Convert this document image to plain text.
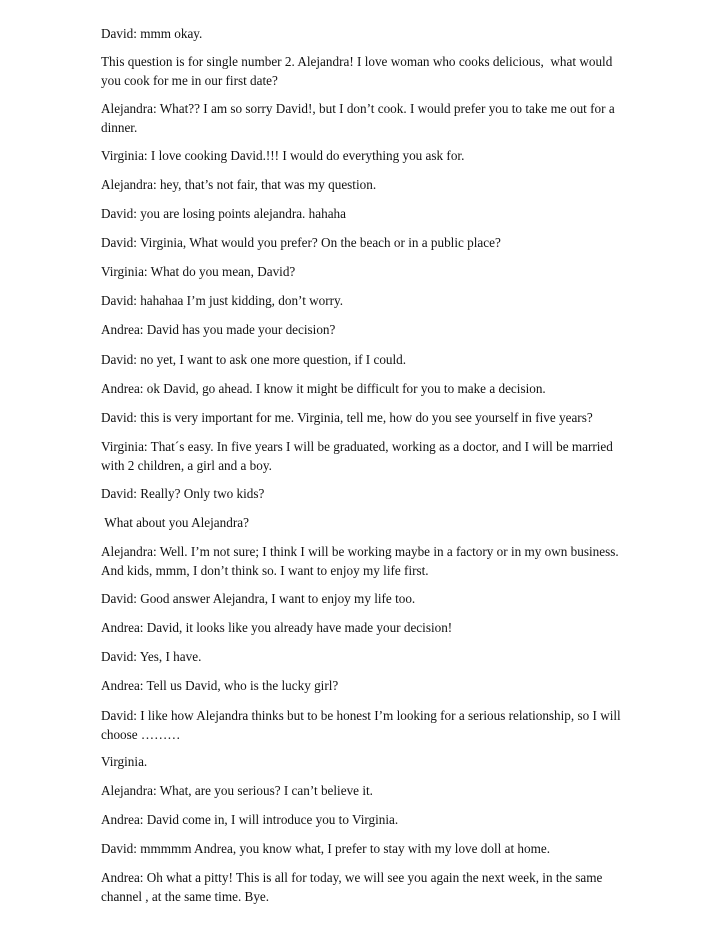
David: mmm okay.

This question is for single number 2. Alejandra! I love woman who cooks delicious,  what would
you cook for me in our first date?

Alejandra: What?? I am so sorry David!, but I don’t cook. I would prefer you to take me out for a
dinner.

Virginia: I love cooking David.!!! I would do everything you ask for.

Alejandra: hey, that’s not fair, that was my question.

David: you are losing points alejandra. hahaha

David: Virginia, What would you prefer? On the beach or in a public place?

Virginia: What do you mean, David?

David: hahahaa I’m just kidding, don’t worry.

Andrea: David has you made your decision?

David: no yet, I want to ask one more question, if I could.

Andrea: ok David, go ahead. I know it might be difficult for you to make a decision.

David: this is very important for me. Virginia, tell me, how do you see yourself in five years?

Virginia: That´s easy. In five years I will be graduated, working as a doctor, and I will be married
with 2 children, a girl and a boy.

David: Really? Only two kids?

What about you Alejandra?

Alejandra: Well. I’m not sure; I think I will be working maybe in a factory or in my own business.
And kids, mmm, I don’t think so. I want to enjoy my life first.

David: Good answer Alejandra, I want to enjoy my life too.

Andrea: David, it looks like you already have made your decision!

David: Yes, I have.

Andrea: Tell us David, who is the lucky girl?

David: I like how Alejandra thinks but to be honest I’m looking for a serious relationship, so I will
choose ………

Virginia.

Alejandra: What, are you serious? I can’t believe it.

Andrea: David come in, I will introduce you to Virginia.

David: mmmmm Andrea, you know what, I prefer to stay with my love doll at home.

Andrea: Oh what a pitty! This is all for today, we will see you again the next week, in the same
channel , at the same time. Bye.
